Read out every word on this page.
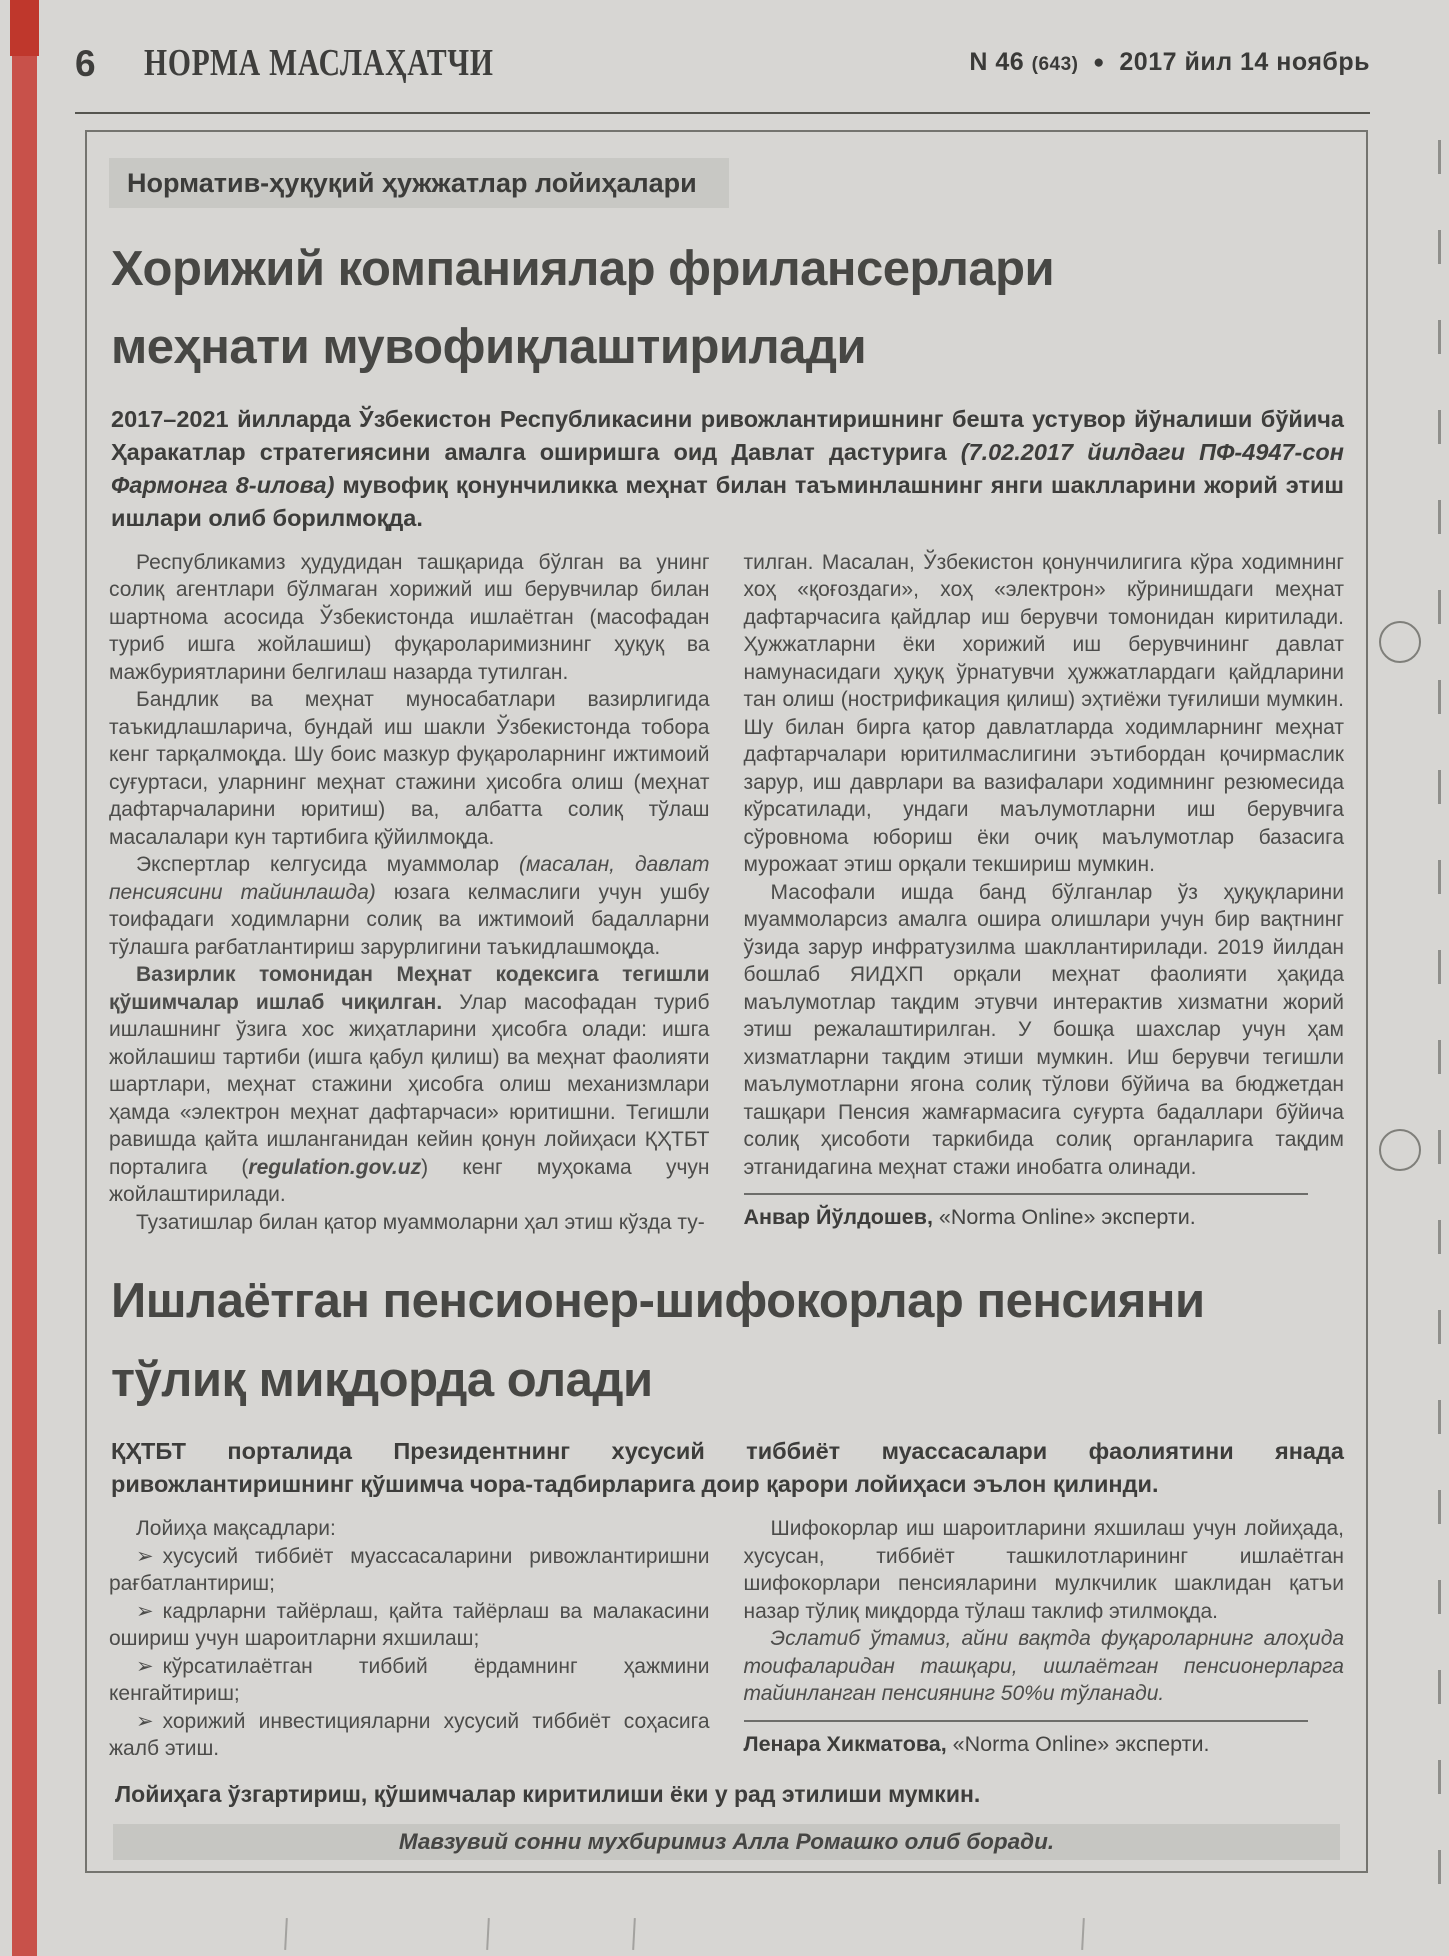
6 НОРМА МАСЛАҲАТЧИ	N 46 (643) ● 2017 йил 14 ноябрь
Норматив-ҳуқуқий ҳужжатлар лойиҳалари
Хорижий компаниялар фрилансерлари
меҳнати мувофиқлаштирилади

2017–2021 йилларда Ўзбекистон Республикасини ривожлантиришнинг бешта устувор йўналиши бўйича Ҳаракатлар стратегиясини амалга оширишга оид Давлат дастурига (7.02.2017 йилдаги ПФ-4947-сон Фармонга 8-илова) мувофиқ қонунчиликка меҳнат билан таъминлашнинг янги шаклларини жорий этиш ишлари олиб борилмоқда.

Республикамиз ҳудудидан ташқарида бўлган ва унинг солиқ агентлари бўлмаган хорижий иш берувчилар билан шартнома асосида Ўзбекистонда ишлаётган (масофадан туриб ишга жойлашиш) фуқароларимизнинг ҳуқуқ ва мажбуриятларини белгилаш назарда тутилган.

Бандлик ва меҳнат муносабатлари вазирлигида таъкидлашларича, бундай иш шакли Ўзбекистонда тобора кенг тарқалмоқда. Шу боис мазкур фуқароларнинг ижтимоий суғуртаси, уларнинг меҳнат стажини ҳисобга олиш (меҳнат дафтарчаларини юритиш) ва, албатта солиқ тўлаш масалалари кун тартибига қўйилмоқда.

Экспертлар келгусида муаммолар (масалан, давлат пенсиясини тайинлашда) юзага келмаслиги учун ушбу тоифадаги ходимларни солиқ ва ижтимоий бадалларни тўлашга рағбатлантириш зарурлигини таъкидлашмоқда.

Вазирлик томонидан Меҳнат кодексига тегишли қўшимчалар ишлаб чиқилган. Улар масофадан туриб ишлашнинг ўзига хос жиҳатларини ҳисобга олади: ишга жойлашиш тартиби (ишга қабул қилиш) ва меҳнат фаолияти шартлари, меҳнат стажини ҳисобга олиш механизмлари ҳамда «электрон меҳнат дафтарчаси» юритишни. Тегишли равишда қайта ишланганидан кейин қонун лойиҳаси ҚҲТБТ порталига (regulation.gov.uz) кенг муҳокама учун жойлаштирилади.

Тузатишлар билан қатор муаммоларни ҳал этиш кўзда ту-

тилган. Масалан, Ўзбекистон қонунчилигига кўра ходимнинг хоҳ «қоғоздаги», хоҳ «электрон» кўринишдаги меҳнат дафтарчасига қайдлар иш берувчи томонидан киритилади. Ҳужжатларни ёки хорижий иш берувчининг давлат намунасидаги ҳуқуқ ўрнатувчи ҳужжатлардаги қайдларини тан олиш (нострификация қилиш) эҳтиёжи туғилиши мумкин. Шу билан бирга қатор давлатларда ходимларнинг меҳнат дафтарчалари юритилмаслигини эътибордан қочирмаслик зарур, иш даврлари ва вазифалари ходимнинг резюмесида кўрсатилади, ундаги маълумотларни иш берувчига сўровнома юбориш ёки очиқ маълумотлар базасига мурожаат этиш орқали текшириш мумкин.

Масофали ишда банд бўлганлар ўз ҳуқуқларини муаммоларсиз амалга ошира олишлари учун бир вақтнинг ўзида зарур инфратузилма шакллантирилади. 2019 йилдан бошлаб ЯИДХП орқали меҳнат фаолияти ҳақида маълумотлар тақдим этувчи интерактив хизматни жорий этиш режалаштирилган. У бошқа шахслар учун ҳам хизматларни тақдим этиши мумкин. Иш берувчи тегишли маълумотларни ягона солиқ тўлови бўйича ва бюджетдан ташқари Пенсия жамғармасига суғурта бадаллари бўйича солиқ ҳисоботи таркибида солиқ органларига тақдим этганидагина меҳнат стажи инобатга олинади.

Анвар Йўлдошев, «Norma Online» эксперти.

Ишлаётган пенсионер-шифокорлар пенсияни
тўлиқ миқдорда олади

ҚҲТБТ порталида Президентнинг хусусий тиббиёт муассасалари фаолиятини янада ривожлантиришнинг қўшимча чора-тадбирларига доир қарори лойиҳаси эълон қилинди.

Лойиҳа мақсадлари:

➢ хусусий тиббиёт муассасаларини ривожлантиришни рағбатлантириш;

➢ кадрларни тайёрлаш, қайта тайёрлаш ва малакасини ошириш учун шароитларни яхшилаш;

➢ кўрсатилаётган тиббий ёрдамнинг ҳажмини кенгайтириш;

➢ хорижий инвестицияларни хусусий тиббиёт соҳасига жалб этиш.

Шифокорлар иш шароитларини яхшилаш учун лойиҳада, хусусан, тиббиёт ташкилотларининг ишлаётган шифокорлари пенсияларини мулкчилик шаклидан қатъи назар тўлиқ миқдорда тўлаш таклиф этилмоқда.

Эслатиб ўтамиз, айни вақтда фуқароларнинг алоҳида тоифаларидан ташқари, ишлаётган пенсионерларга тайинланган пенсиянинг 50%и тўланади.

Ленара Хикматова, «Norma Online» эксперти.

Лойиҳага ўзгартириш, қўшимчалар киритилиши ёки у рад этилиши мумкин.

Мавзувий сонни мухбиримиз Алла Ромашко олиб боради.
